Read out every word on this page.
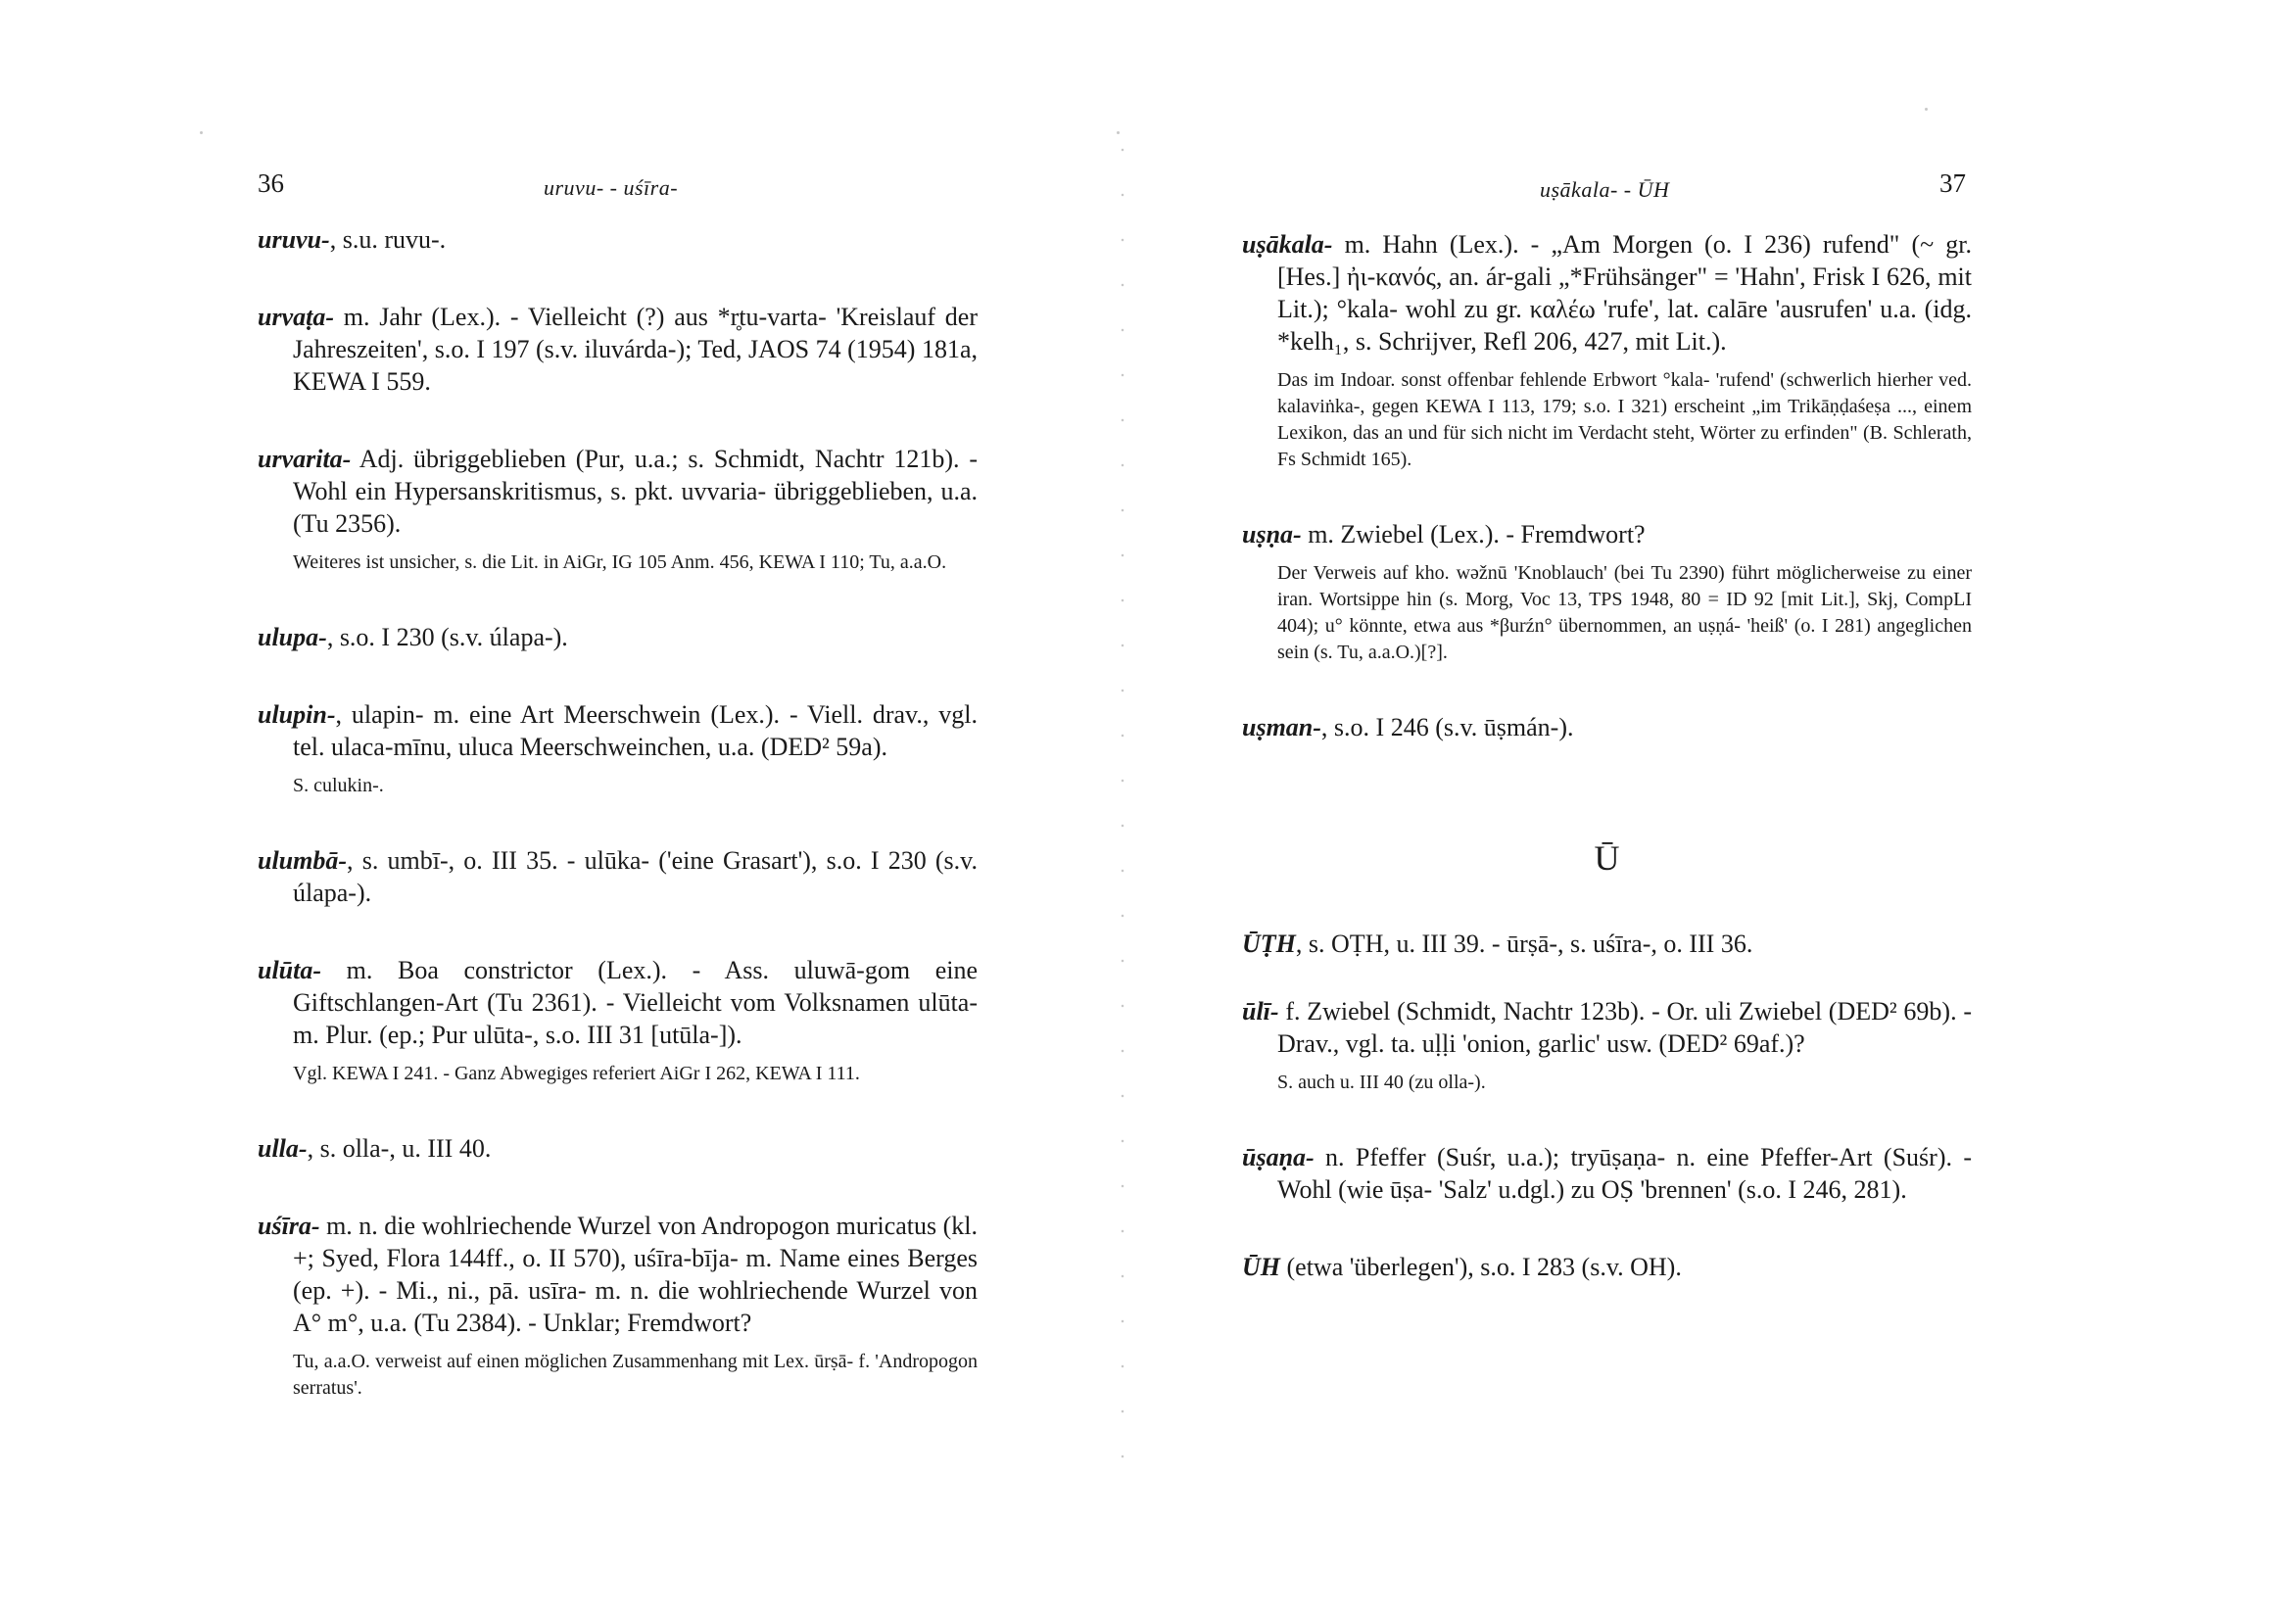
36	uruvu- - uśīra-

uruvu-, s.u. ruvu-.

urvaṭa- m. Jahr (Lex.). - Vielleicht (?) aus *r̥tu-varta- 'Kreislauf der Jahreszeiten', s.o. I 197 (s.v. iluvárda-); Ted, JAOS 74 (1954) 181a, KEWA I 559.

urvarita- Adj. übriggeblieben (Pur, u.a.; s. Schmidt, Nachtr 121b). - Wohl ein Hypersanskritismus, s. pkt. uvvaria- übriggeblieben, u.a. (Tu 2356).

Weiteres ist unsicher, s. die Lit. in AiGr, IG 105 Anm. 456, KEWA I 110; Tu, a.a.O.

ulupa-, s.o. I 230 (s.v. úlapa-).

ulupin-, ulapin- m. eine Art Meerschwein (Lex.). - Viell. drav., vgl. tel. ulaca-mīnu, uluca Meerschweinchen, u.a. (DED² 59a).

S. culukin-.

ulumbā-, s. umbī-, o. III 35. - ulūka- ('eine Grasart'), s.o. I 230 (s.v. úlapa-).

ulūta- m. Boa constrictor (Lex.). - Ass. uluwā-gom eine Giftschlangen-Art (Tu 2361). - Vielleicht vom Volksnamen ulūta- m. Plur. (ep.; Pur ulūta-, s.o. III 31 [utūla-]).

Vgl. KEWA I 241. - Ganz Abwegiges referiert AiGr I 262, KEWA I 111.

ulla-, s. olla-, u. III 40.

uśīra- m. n. die wohlriechende Wurzel von Andropogon muricatus (kl. +; Syed, Flora 144ff., o. II 570), uśīra-bīja- m. Name eines Berges (ep. +). - Mi., ni., pā. usīra- m. n. die wohlriechende Wurzel von A° m°, u.a. (Tu 2384). - Unklar; Fremdwort?

Tu, a.a.O. verweist auf einen möglichen Zusammenhang mit Lex. ūrṣā- f. 'Andropogon serratus'.

uṣākala- - ŪH	37

uṣākala- m. Hahn (Lex.). - „Am Morgen (o. I 236) rufend" (~ gr. [Hes.] ἠι-κανός, an. ár-gali „*Frühsänger" = 'Hahn', Frisk I 626, mit Lit.); °kala- wohl zu gr. καλέω 'rufe', lat. calāre 'ausrufen' u.a. (idg. *kelh₁, s. Schrijver, Refl 206, 427, mit Lit.).

Das im Indoar. sonst offenbar fehlende Erbwort °kala- 'rufend' (schwerlich hierher ved. kalaviṅka-, gegen KEWA I 113, 179; s.o. I 321) erscheint „im Trikāṇḍaśeṣa ..., einem Lexikon, das an und für sich nicht im Verdacht steht, Wörter zu erfinden" (B. Schlerath, Fs Schmidt 165).

uṣṇa- m. Zwiebel (Lex.). - Fremdwort?

Der Verweis auf kho. wəžnū 'Knoblauch' (bei Tu 2390) führt möglicherweise zu einer iran. Wortsippe hin (s. Morg, Voc 13, TPS 1948, 80 = ID 92 [mit Lit.], Skj, CompLI 404); u° könnte, etwa aus *βurźn° übernommen, an uṣṇá- 'heiß' (o. I 281) angeglichen sein (s. Tu, a.a.O.)[?].

uṣman-, s.o. I 246 (s.v. ūṣmán-).

Ū

ŪṬH, s. OṬH, u. III 39. - ūrṣā-, s. uśīra-, o. III 36.

ūlī- f. Zwiebel (Schmidt, Nachtr 123b). - Or. uli Zwiebel (DED² 69b). - Drav., vgl. ta. uḷḷi 'onion, garlic' usw. (DED² 69af.)?

S. auch u. III 40 (zu olla-).

ūṣaṇa- n. Pfeffer (Suśr, u.a.); tryūṣaṇa- n. eine Pfeffer-Art (Suśr). - Wohl (wie ūṣa- 'Salz' u.dgl.) zu OṢ 'brennen' (s.o. I 246, 281).

ŪH (etwa 'überlegen'), s.o. I 283 (s.v. OH).
